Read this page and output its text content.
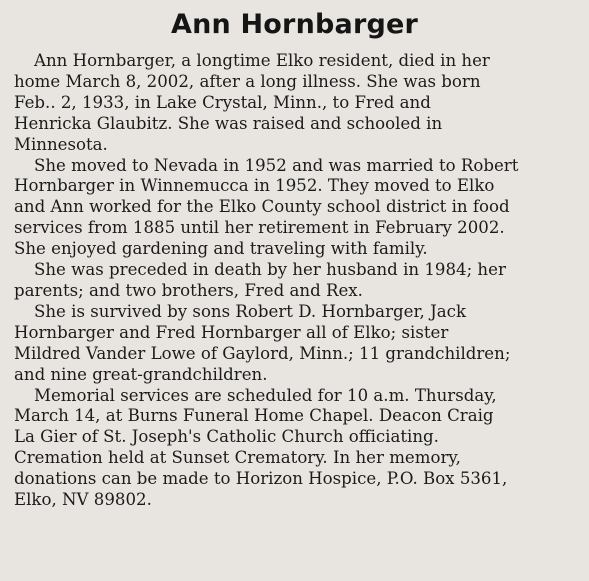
Ann Hornbarger

Ann Hornbarger, a longtime Elko resident, died in her
home March 8, 2002, after a long illness. She was born
Feb.. 2, 1933, in Lake Crystal, Minn., to Fred and
Henricka Glaubitz. She was raised and schooled in
Minnesota.

She moved to Nevada in 1952 and was married to Robert
Hornbarger in Winnemucca in 1952. They moved to Elko
and Ann worked for the Elko County school district in food
services from 1885 until her retirement in February 2002.
She enjoyed gardening and traveling with family.

She was preceded in death by her husband in 1984; her
parents; and two brothers, Fred and Rex.

She is survived by sons Robert D. Hornbarger, Jack
Hornbarger and Fred Hornbarger all of Elko; sister
Mildred Vander Lowe of Gaylord, Minn.; 11 grandchildren;
and nine great-grandchildren.

Memorial services are scheduled for 10 a.m. Thursday,
March 14, at Burns Funeral Home Chapel. Deacon Craig
La Gier of St. Joseph's Catholic Church officiating.
Cremation held at Sunset Crematory. In her memory,
donations can be made to Horizon Hospice, P.O. Box 5361,
Elko, NV 89802.
